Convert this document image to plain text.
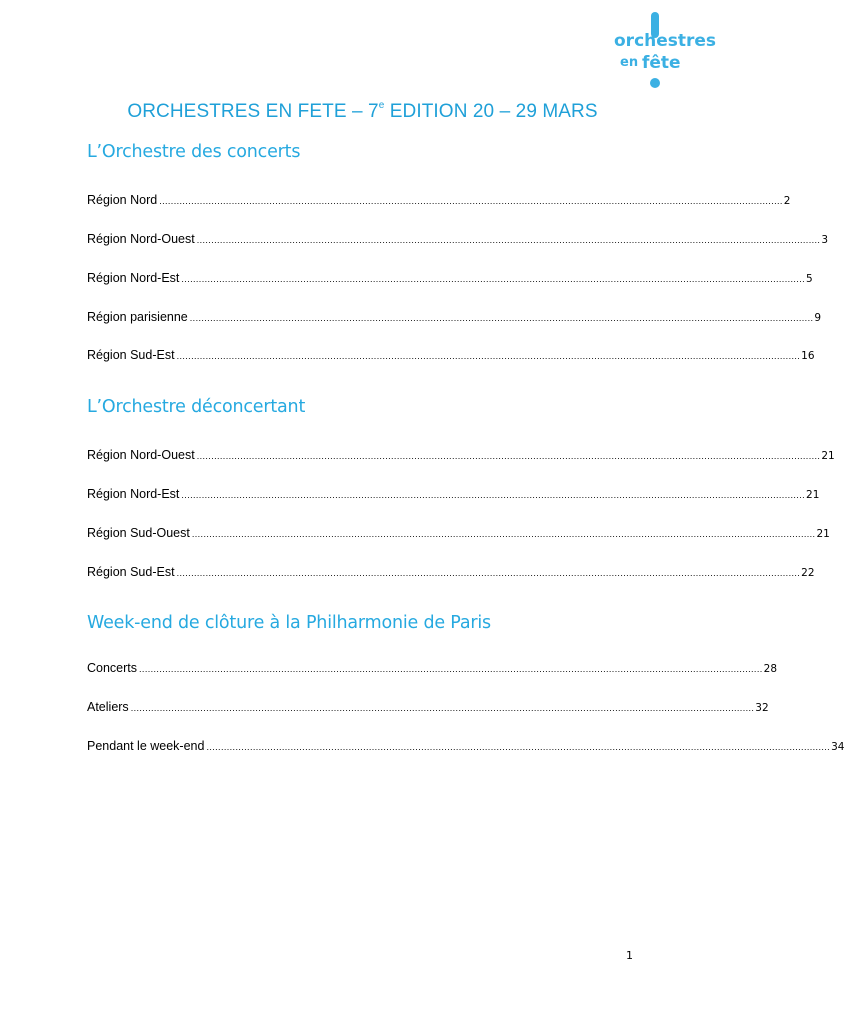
orchestres
en fête
ORCHESTRES EN FETE – 7e EDITION 20 – 29 MARS
L’Orchestre des concerts
Région Nord ....................................................................................................................................................................................................................... 2
Région Nord-Ouest ....................................................................................................................................................................................................................... 3
Région Nord-Est ....................................................................................................................................................................................................................... 5
Région parisienne ....................................................................................................................................................................................................................... 9
Région Sud-Est ....................................................................................................................................................................................................................... 16
L’Orchestre déconcertant
Région Nord-Ouest ....................................................................................................................................................................................................................... 21
Région Nord-Est ....................................................................................................................................................................................................................... 21
Région Sud-Ouest ....................................................................................................................................................................................................................... 21
Région Sud-Est ....................................................................................................................................................................................................................... 22
Week-end de clôture à la Philharmonie de Paris
Concerts ....................................................................................................................................................................................................................... 28
Ateliers ....................................................................................................................................................................................................................... 32
Pendant le week-end ....................................................................................................................................................................................................................... 34
1
